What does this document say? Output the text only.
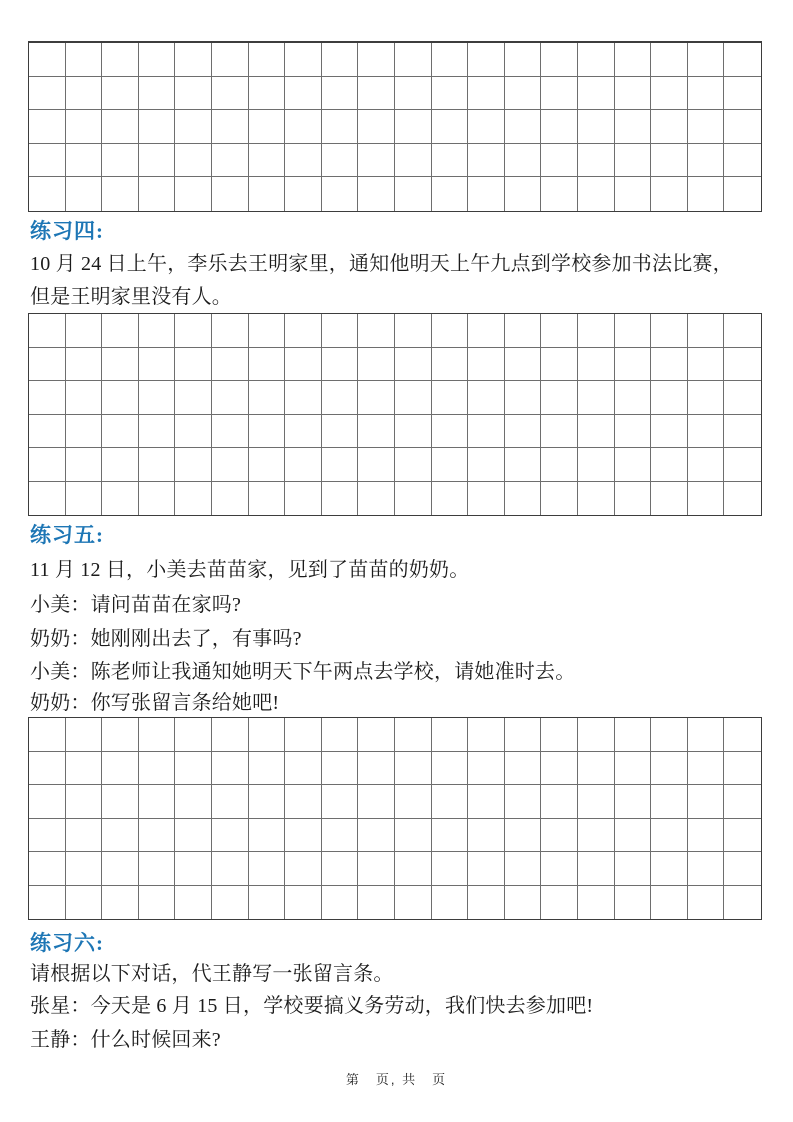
练习四:
10 月 24 日上午，李乐去王明家里，通知他明天上午九点到学校参加书法比赛，
但是王明家里没有人。
练习五:
11 月 12 日，小美去苗苗家，见到了苗苗的奶奶。
小美：请问苗苗在家吗?
奶奶：她刚刚出去了，有事吗?
小美：陈老师让我通知她明天下午两点去学校，请她准时去。
奶奶：你写张留言条给她吧!
练习六:
请根据以下对话，代王静写一张留言条。
张星：今天是 6 月 15 日，学校要搞义务劳动，我们快去参加吧!
王静：什么时候回来?
第　页, 共　页
